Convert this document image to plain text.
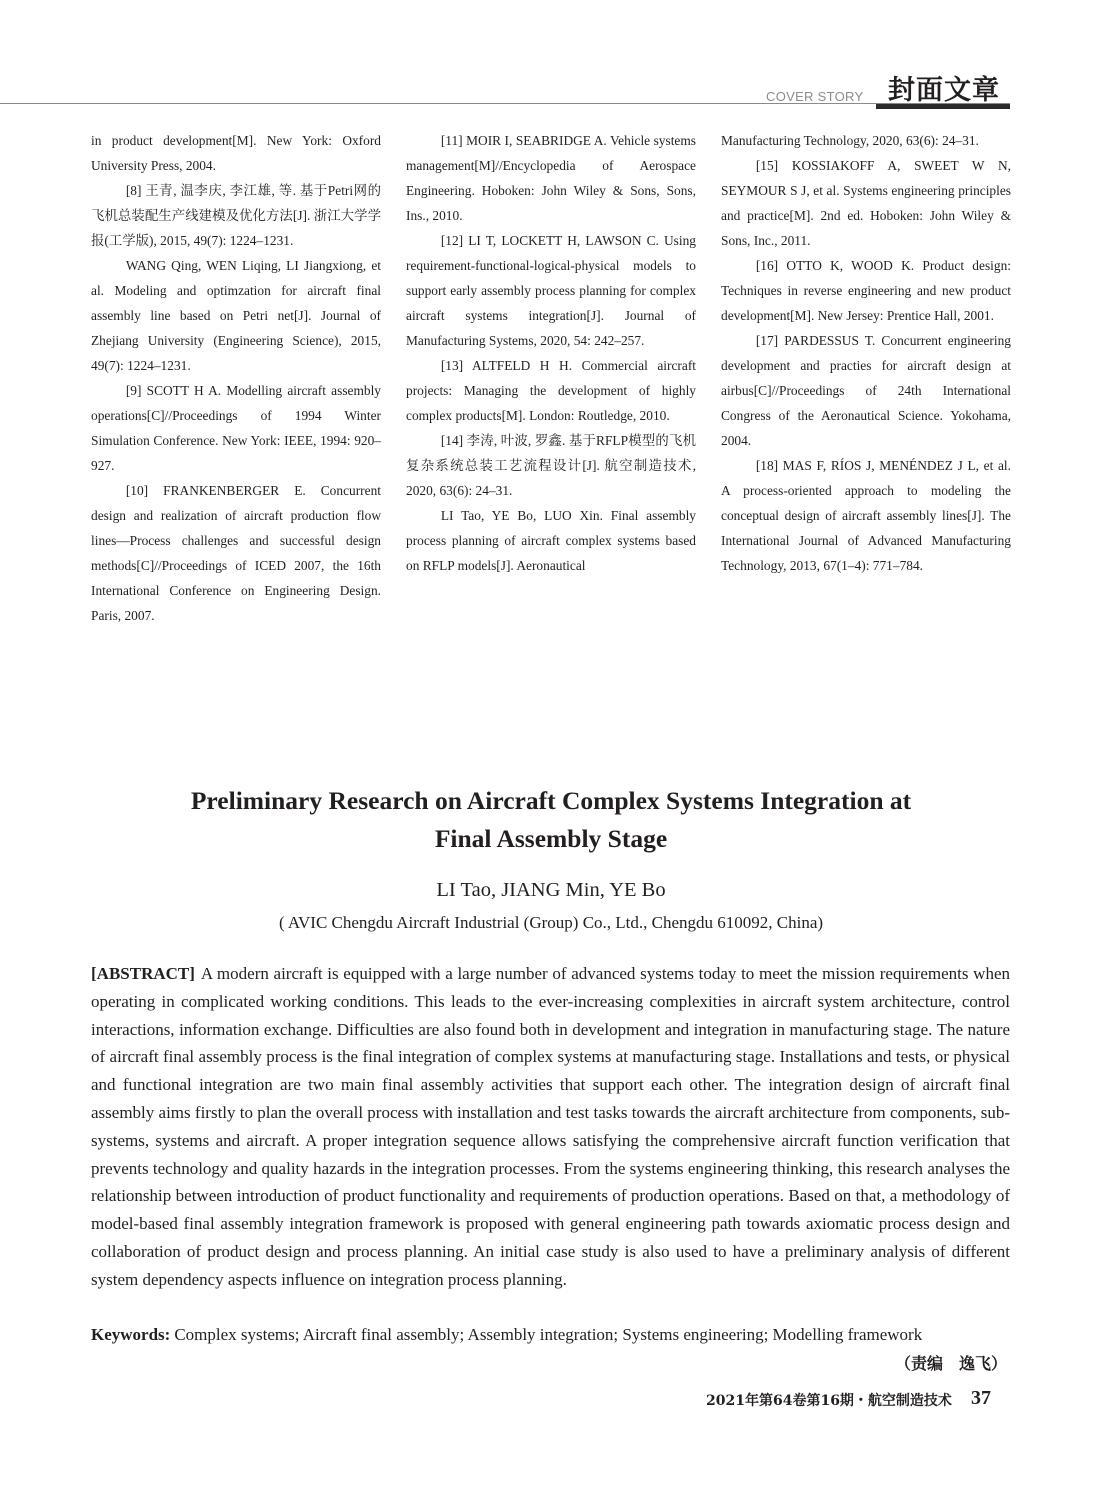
COVER STORY 封面文章

in product development[M]. New York: Oxford University Press, 2004.

[8] 王青, 温李庆, 李江雄, 等. 基于Petri网的飞机总装配生产线建模及优化方法[J]. 浙江大学学报(工学版), 2015, 49(7): 1224–1231.

WANG Qing, WEN Liqing, LI Jiangxiong, et al. Modeling and optimzation for aircraft final assembly line based on Petri net[J]. Journal of Zhejiang University (Engineering Science), 2015, 49(7): 1224–1231.

[9] SCOTT H A. Modelling aircraft assembly operations[C]//Proceedings of 1994 Winter Simulation Conference. New York: IEEE, 1994: 920–927.

[10] FRANKENBERGER E. Concurrent design and realization of aircraft production flow lines—Process challenges and successful design methods[C]//Proceedings of ICED 2007, the 16th International Conference on Engineering Design. Paris, 2007.

[11] MOIR I, SEABRIDGE A. Vehicle systems management[M]//Encyclopedia of Aerospace Engineering. Hoboken: John Wiley & Sons, Sons, Ins., 2010.

[12] LI T, LOCKETT H, LAWSON C. Using requirement-functional-logical-physical models to support early assembly process planning for complex aircraft systems integration[J]. Journal of Manufacturing Systems, 2020, 54: 242–257.

[13] ALTFELD H H. Commercial aircraft projects: Managing the development of highly complex products[M]. London: Routledge, 2010.

[14] 李涛, 叶波, 罗鑫. 基于RFLP模型的飞机复杂系统总装工艺流程设计[J]. 航空制造技术, 2020, 63(6): 24–31.

LI Tao, YE Bo, LUO Xin. Final assembly process planning of aircraft complex systems based on RFLP models[J]. Aeronautical

Manufacturing Technology, 2020, 63(6): 24–31.

[15] KOSSIAKOFF A, SWEET W N, SEYMOUR S J, et al. Systems engineering principles and practice[M]. 2nd ed. Hoboken: John Wiley & Sons, Inc., 2011.

[16] OTTO K, WOOD K. Product design: Techniques in reverse engineering and new product development[M]. New Jersey: Prentice Hall, 2001.

[17] PARDESSUS T. Concurrent engineering development and practies for aircraft design at airbus[C]//Proceedings of 24th International Congress of the Aeronautical Science. Yokohama, 2004.

[18] MAS F, RÍOS J, MENÉNDEZ J L, et al. A process-oriented approach to modeling the conceptual design of aircraft assembly lines[J]. The International Journal of Advanced Manufacturing Technology, 2013, 67(1–4): 771–784.

Preliminary Research on Aircraft Complex Systems Integration at
Final Assembly Stage
LI Tao, JIANG Min, YE Bo
( AVIC Chengdu Aircraft Industrial (Group) Co., Ltd., Chengdu 610092, China)

[ABSTRACT] A modern aircraft is equipped with a large number of advanced systems today to meet the mission requirements when operating in complicated working conditions. This leads to the ever-increasing complexities in aircraft system architecture, control interactions, information exchange. Difficulties are also found both in development and integration in manufacturing stage. The nature of aircraft final assembly process is the final integration of complex systems at manufacturing stage. Installations and tests, or physical and functional integration are two main final assembly activities that support each other. The integration design of aircraft final assembly aims firstly to plan the overall process with installation and test tasks towards the aircraft architecture from components, sub-systems, systems and aircraft. A proper integration sequence allows satisfying the comprehensive aircraft function verification that prevents technology and quality hazards in the integration processes. From the systems engineering thinking, this research analyses the relationship between introduction of product functionality and requirements of production operations. Based on that, a methodology of model-based final assembly integration framework is proposed with general engineering path towards axiomatic process design and collaboration of product design and process planning. An initial case study is also used to have a preliminary analysis of different system dependency aspects influence on integration process planning.

Keywords: Complex systems; Aircraft final assembly; Assembly integration; Systems engineering; Modelling framework
（责编　逸飞）
2021年第64卷第16期・航空制造技术 37
